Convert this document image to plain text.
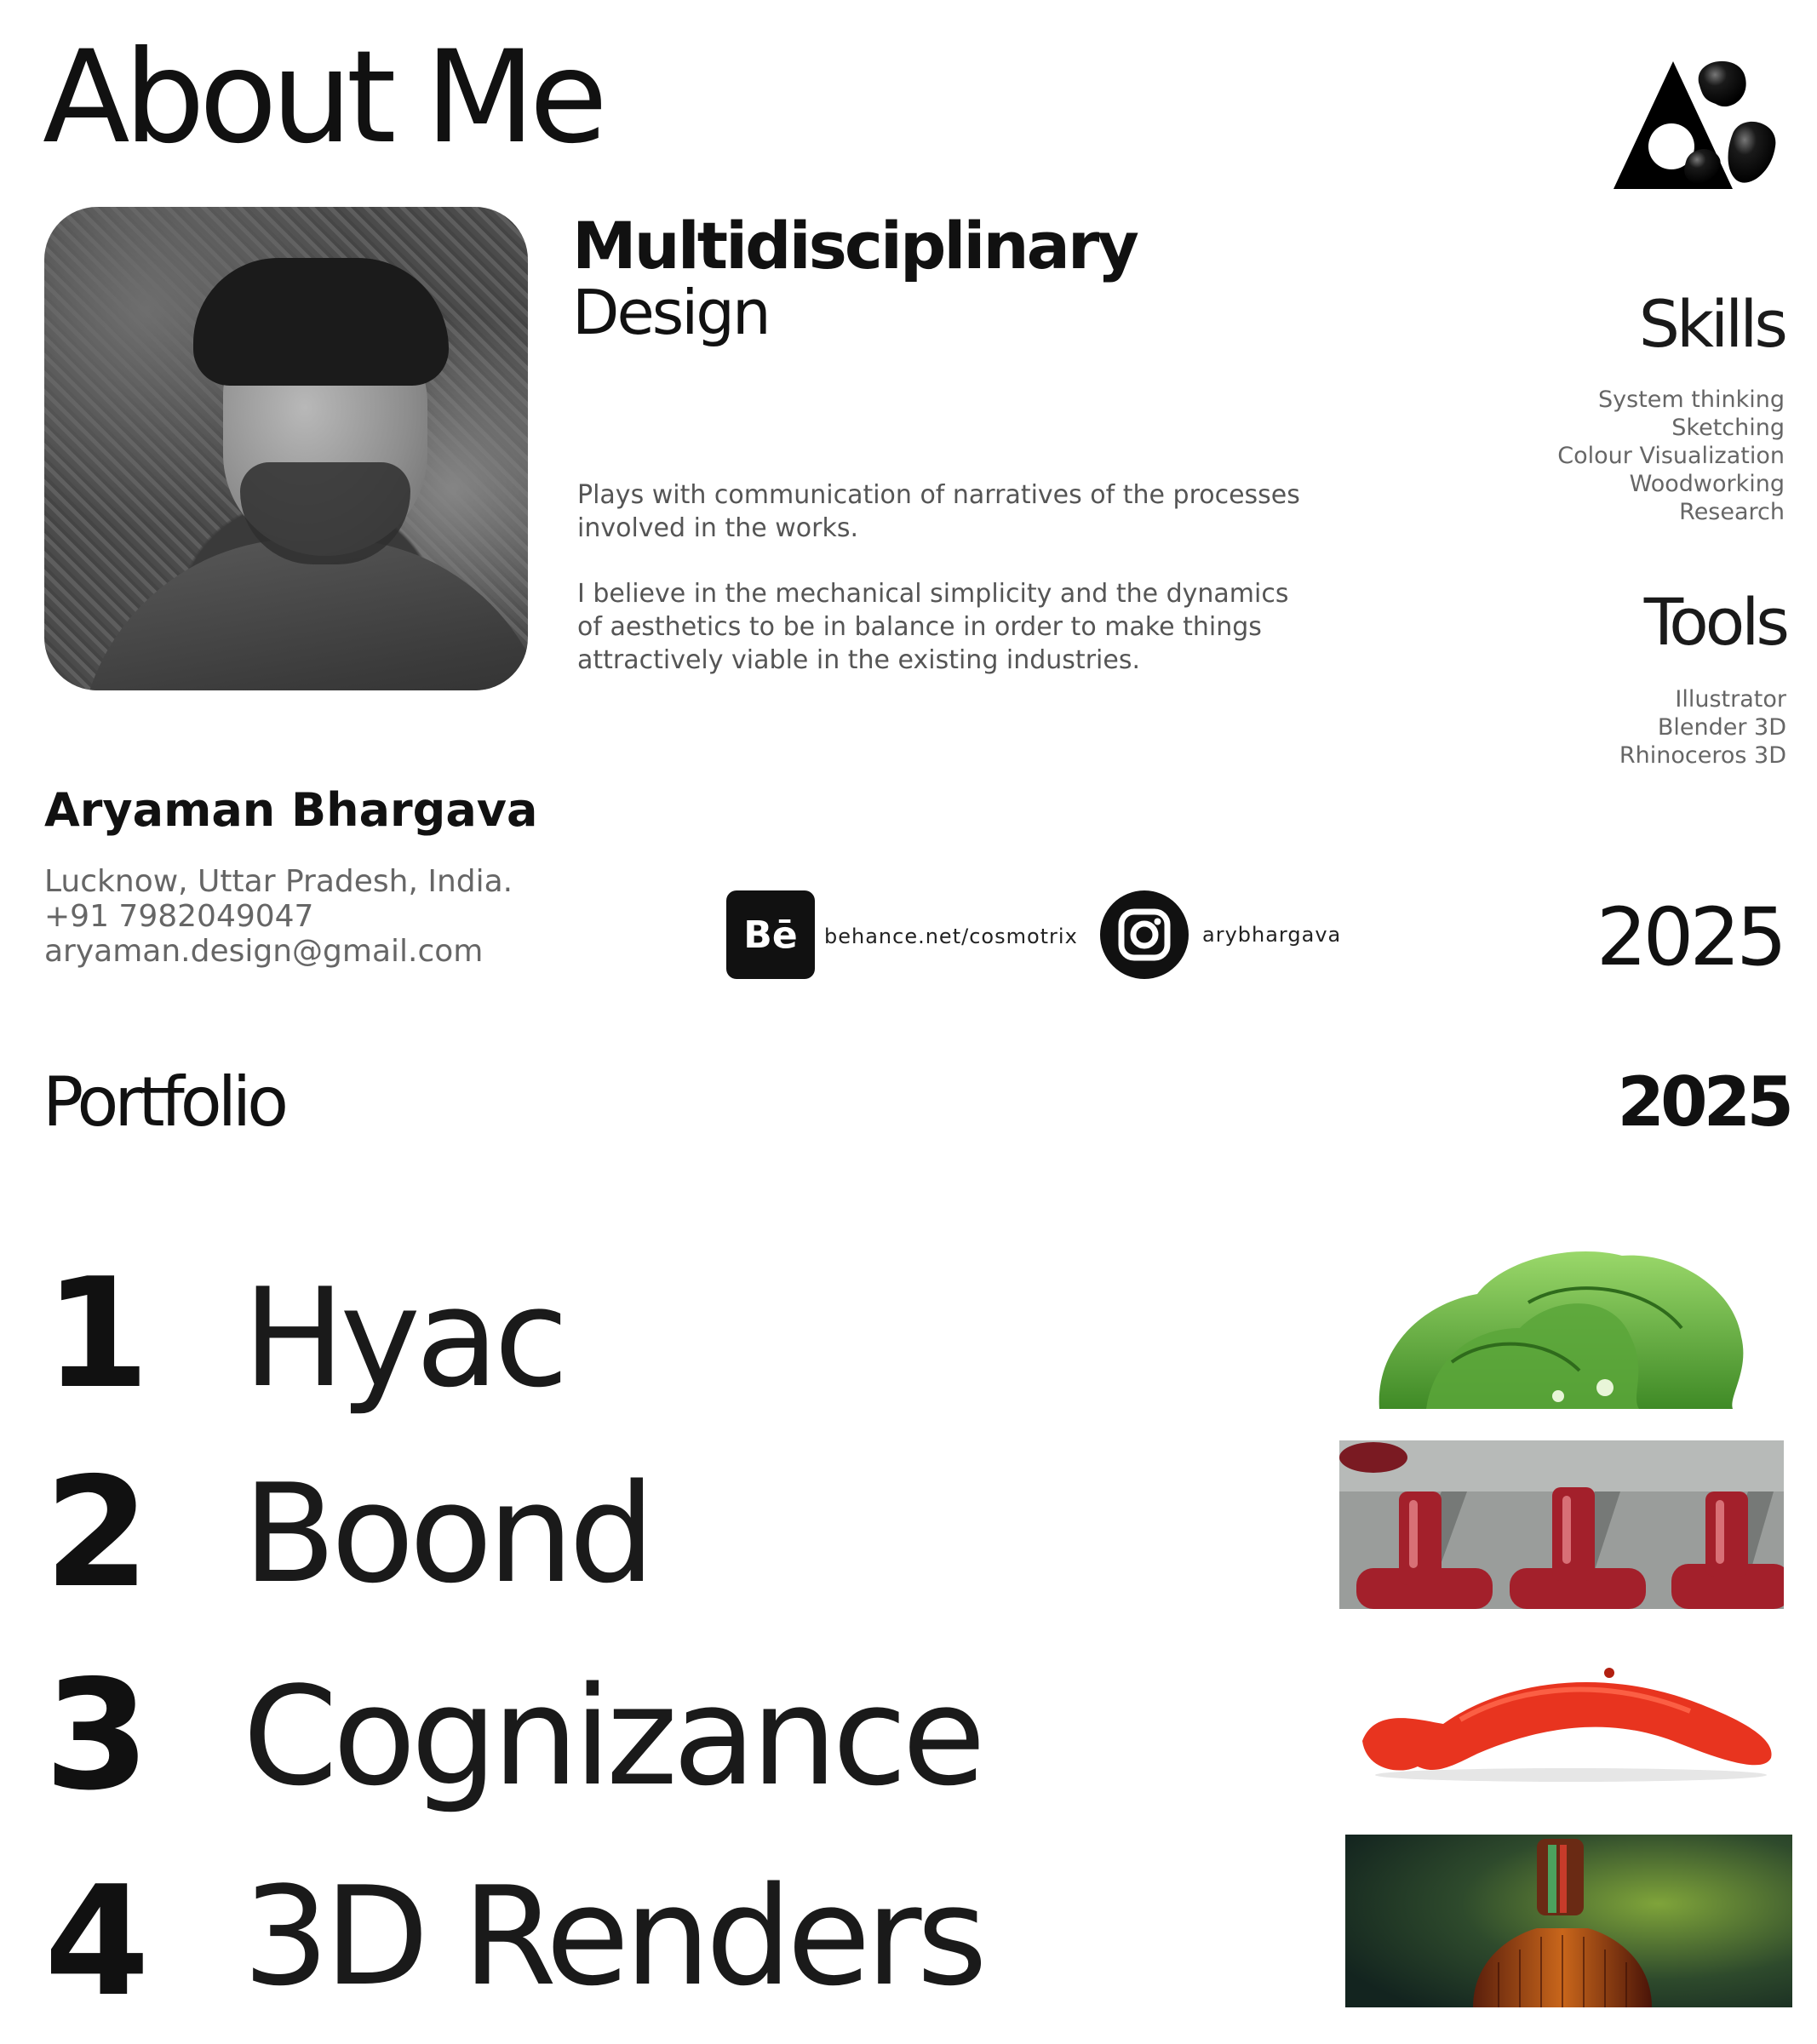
About Me
Multidisciplinary
Design

Plays with communication of narratives of the processes
involved in the works.

I believe in the mechanical simplicity and the dynamics
of aesthetics to be in balance in order to make things
attractively viable in the existing industries.

Skills
System thinking
Sketching
Colour Visualization
Woodworking
Research
Tools
Illustrator
Blender 3D
Rhinoceros 3D
Aryaman Bhargava
Lucknow, Uttar Pradesh, India.
+91 7982049047
aryaman.design@gmail.com	Bē	behance.net/cosmotrix	arybhargava	2025
Portfolio	2025
1 Hyac
2 Boond
3 Cognizance
4 3D Renders
